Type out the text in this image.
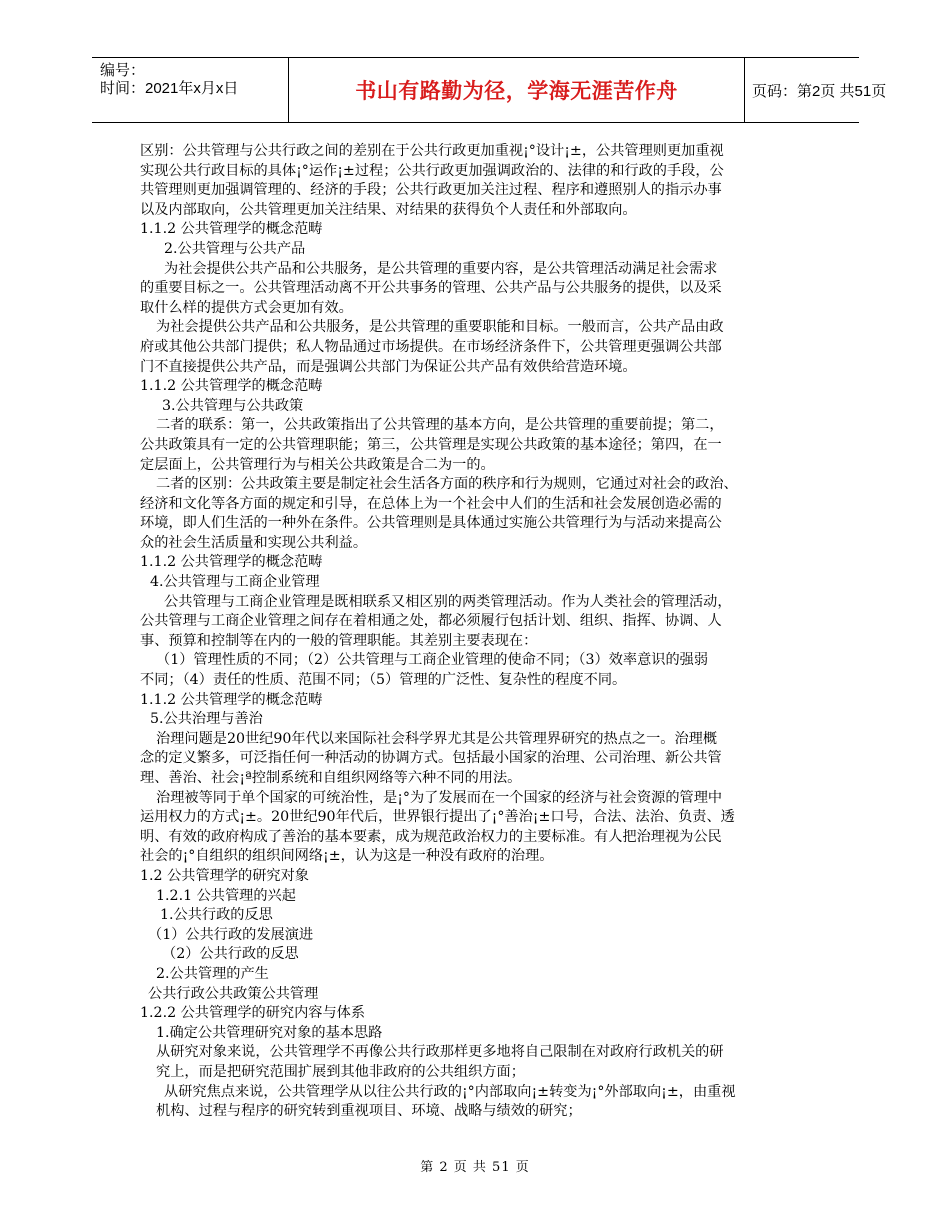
编号：
时间：2021年x月x日	书山有路勤为径，学海无涯苦作舟	页码：第2页 共51页

区别：公共管理与公共行政之间的差别在于公共行政更加重视¡°设计¡±，公共管理则更加重视

实现公共行政目标的具体¡°运作¡±过程；公共行政更加强调政治的、法律的和行政的手段，公

共管理则更加强调管理的、经济的手段；公共行政更加关注过程、程序和遵照别人的指示办事

以及内部取向，公共管理更加关注结果、对结果的获得负个人责任和外部取向。

1.1.2 公共管理学的概念范畴

2.公共管理与公共产品

为社会提供公共产品和公共服务，是公共管理的重要内容，是公共管理活动满足社会需求

的重要目标之一。公共管理活动离不开公共事务的管理、公共产品与公共服务的提供，以及采

取什么样的提供方式会更加有效。

为社会提供公共产品和公共服务，是公共管理的重要职能和目标。一般而言，公共产品由政

府或其他公共部门提供；私人物品通过市场提供。在市场经济条件下，公共管理更强调公共部

门不直接提供公共产品，而是强调公共部门为保证公共产品有效供给营造环境。

1.1.2 公共管理学的概念范畴

3.公共管理与公共政策

二者的联系：第一，公共政策指出了公共管理的基本方向，是公共管理的重要前提；第二，

公共政策具有一定的公共管理职能；第三，公共管理是实现公共政策的基本途径；第四，在一

定层面上，公共管理行为与相关公共政策是合二为一的。

二者的区别：公共政策主要是制定社会生活各方面的秩序和行为规则，它通过对社会的政治、

经济和文化等各方面的规定和引导，在总体上为一个社会中人们的生活和社会发展创造必需的

环境，即人们生活的一种外在条件。公共管理则是具体通过实施公共管理行为与活动来提高公

众的社会生活质量和实现公共利益。

1.1.2 公共管理学的概念范畴

4.公共管理与工商企业管理

公共管理与工商企业管理是既相联系又相区别的两类管理活动。作为人类社会的管理活动，

公共管理与工商企业管理之间存在着相通之处，都必须履行包括计划、组织、指挥、协调、人

事、预算和控制等在内的一般的管理职能。其差别主要表现在：

（1）管理性质的不同；（2）公共管理与工商企业管理的使命不同；（3）效率意识的强弱

不同；（4）责任的性质、范围不同；（5）管理的广泛性、复杂性的程度不同。

1.1.2 公共管理学的概念范畴

5.公共治理与善治

治理问题是20世纪90年代以来国际社会科学界尤其是公共管理界研究的热点之一。治理概

念的定义繁多，可泛指任何一种活动的协调方式。包括最小国家的治理、公司治理、新公共管

理、善治、社会¡ª控制系统和自组织网络等六种不同的用法。

治理被等同于单个国家的可统治性，是¡°为了发展而在一个国家的经济与社会资源的管理中

运用权力的方式¡±。20世纪90年代后，世界银行提出了¡°善治¡±口号，合法、法治、负责、透

明、有效的政府构成了善治的基本要素，成为规范政治权力的主要标准。有人把治理视为公民

社会的¡°自组织的组织间网络¡±，认为这是一种没有政府的治理。

1.2 公共管理学的研究对象

1.2.1 公共管理的兴起

1.公共行政的反思

（1）公共行政的发展演进

（2）公共行政的反思

2.公共管理的产生

公共行政公共政策公共管理

1.2.2 公共管理学的研究内容与体系

1.确定公共管理研究对象的基本思路

从研究对象来说，公共管理学不再像公共行政那样更多地将自己限制在对政府行政机关的研

究上，而是把研究范围扩展到其他非政府的公共组织方面；

从研究焦点来说，公共管理学从以往公共行政的¡°内部取向¡±转变为¡°外部取向¡±，由重视

机构、过程与程序的研究转到重视项目、环境、战略与绩效的研究；

第 2 页 共 51 页
